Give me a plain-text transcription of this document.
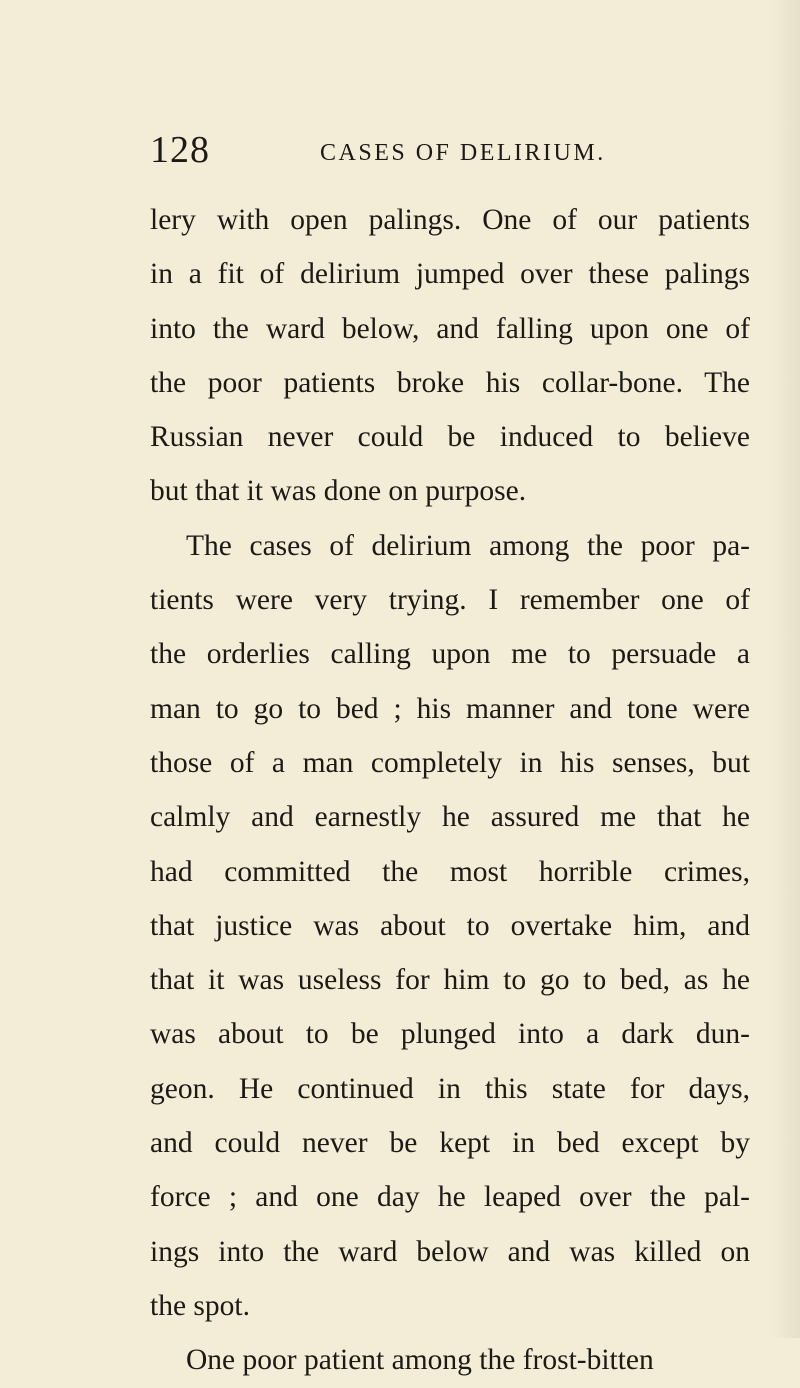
128	CASES OF DELIRIUM.
lery with open palings. One of our patients
in a fit of delirium jumped over these palings
into the ward below, and falling upon one of
the poor patients broke his collar-bone. The
Russian never could be induced to believe
but that it was done on purpose.
The cases of delirium among the poor pa-
tients were very trying. I remember one of
the orderlies calling upon me to persuade a
man to go to bed ; his manner and tone were
those of a man completely in his senses, but
calmly and earnestly he assured me that he
had committed the most horrible crimes,
that justice was about to overtake him, and
that it was useless for him to go to bed, as he
was about to be plunged into a dark dun-
geon. He continued in this state for days,
and could never be kept in bed except by
force ; and one day he leaped over the pal-
ings into the ward below and was killed on
the spot.
One poor patient among the frost-bitten
